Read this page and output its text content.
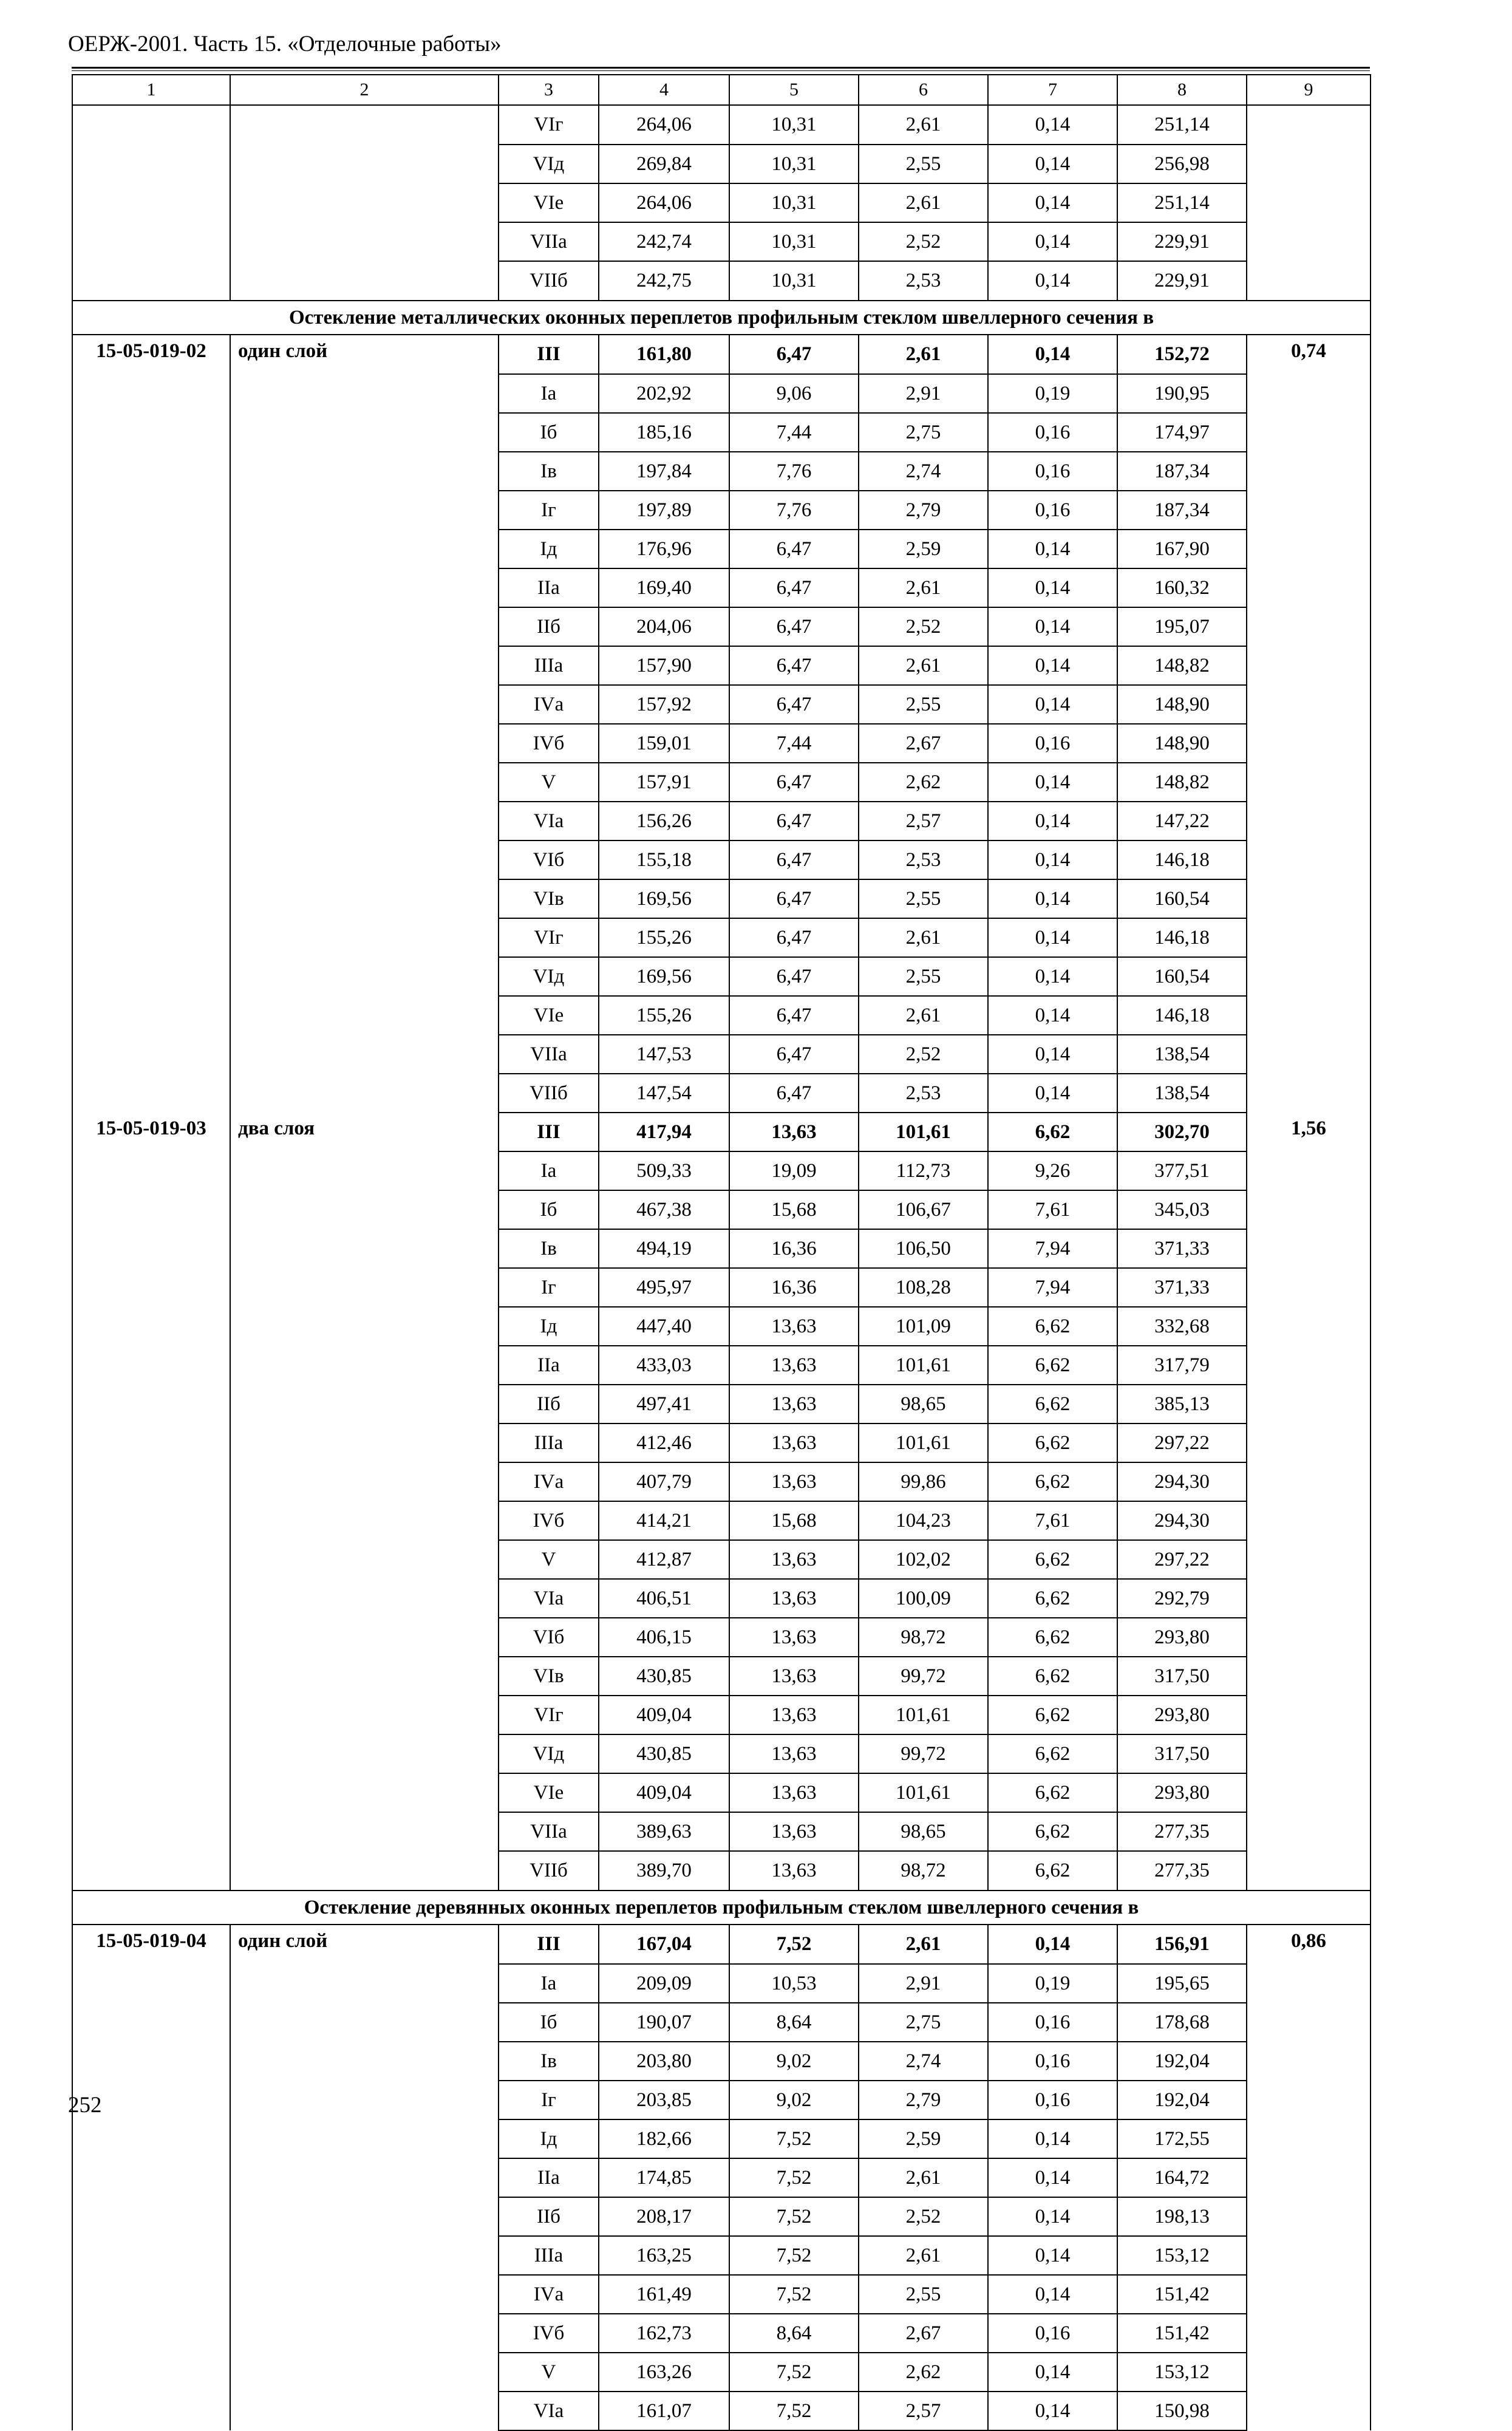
ОЕРЖ-2001. Часть 15. «Отделочные работы»
1	2	3	4	5	6	7	8	9
		VIг	264,06	10,31	2,61	0,14	251,14	
		VIд	269,84	10,31	2,55	0,14	256,98	
		VIе	264,06	10,31	2,61	0,14	251,14	
		VIIа	242,74	10,31	2,52	0,14	229,91	
		VIIб	242,75	10,31	2,53	0,14	229,91	
Остекление металлических оконных переплетов профильным стеклом швеллерного сечения в								
15-05-019-02	один слой	III	161,80	6,47	2,61	0,14	152,72	0,74
		Iа	202,92	9,06	2,91	0,19	190,95	
		Iб	185,16	7,44	2,75	0,16	174,97	
		Iв	197,84	7,76	2,74	0,16	187,34	
		Iг	197,89	7,76	2,79	0,16	187,34	
		Iд	176,96	6,47	2,59	0,14	167,90	
		IIа	169,40	6,47	2,61	0,14	160,32	
		IIб	204,06	6,47	2,52	0,14	195,07	
		IIIа	157,90	6,47	2,61	0,14	148,82	
		IVа	157,92	6,47	2,55	0,14	148,90	
		IVб	159,01	7,44	2,67	0,16	148,90	
		V	157,91	6,47	2,62	0,14	148,82	
		VIа	156,26	6,47	2,57	0,14	147,22	
		VIб	155,18	6,47	2,53	0,14	146,18	
		VIв	169,56	6,47	2,55	0,14	160,54	
		VIг	155,26	6,47	2,61	0,14	146,18	
		VIд	169,56	6,47	2,55	0,14	160,54	
		VIе	155,26	6,47	2,61	0,14	146,18	
		VIIа	147,53	6,47	2,52	0,14	138,54	
		VIIб	147,54	6,47	2,53	0,14	138,54	
15-05-019-03	два слоя	III	417,94	13,63	101,61	6,62	302,70	1,56
		Iа	509,33	19,09	112,73	9,26	377,51	
		Iб	467,38	15,68	106,67	7,61	345,03	
		Iв	494,19	16,36	106,50	7,94	371,33	
		Iг	495,97	16,36	108,28	7,94	371,33	
		Iд	447,40	13,63	101,09	6,62	332,68	
		IIа	433,03	13,63	101,61	6,62	317,79	
		IIб	497,41	13,63	98,65	6,62	385,13	
		IIIа	412,46	13,63	101,61	6,62	297,22	
		IVа	407,79	13,63	99,86	6,62	294,30	
		IVб	414,21	15,68	104,23	7,61	294,30	
		V	412,87	13,63	102,02	6,62	297,22	
		VIа	406,51	13,63	100,09	6,62	292,79	
		VIб	406,15	13,63	98,72	6,62	293,80	
		VIв	430,85	13,63	99,72	6,62	317,50	
		VIг	409,04	13,63	101,61	6,62	293,80	
		VIд	430,85	13,63	99,72	6,62	317,50	
		VIе	409,04	13,63	101,61	6,62	293,80	
		VIIа	389,63	13,63	98,65	6,62	277,35	
		VIIб	389,70	13,63	98,72	6,62	277,35	
Остекление деревянных оконных переплетов профильным стеклом швеллерного сечения в								
15-05-019-04	один слой	III	167,04	7,52	2,61	0,14	156,91	0,86
		Iа	209,09	10,53	2,91	0,19	195,65	
		Iб	190,07	8,64	2,75	0,16	178,68	
		Iв	203,80	9,02	2,74	0,16	192,04	
		Iг	203,85	9,02	2,79	0,16	192,04	
		Iд	182,66	7,52	2,59	0,14	172,55	
		IIа	174,85	7,52	2,61	0,14	164,72	
		IIб	208,17	7,52	2,52	0,14	198,13	
		IIIа	163,25	7,52	2,61	0,14	153,12	
		IVа	161,49	7,52	2,55	0,14	151,42	
		IVб	162,73	8,64	2,67	0,16	151,42	
		V	163,26	7,52	2,62	0,14	153,12	
		VIа	161,07	7,52	2,57	0,14	150,98	
252
